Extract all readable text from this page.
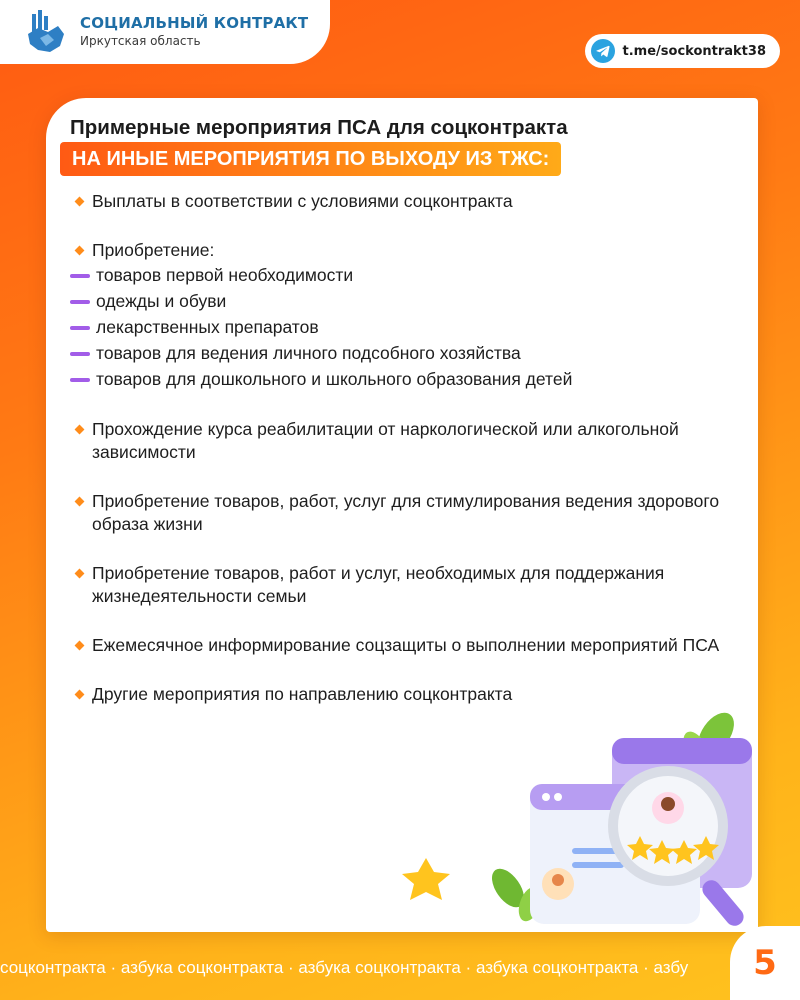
СОЦИАЛЬНЫЙ КОНТРАКТ
Иркутская область
t.me/sockontrakt38
Примерные мероприятия ПСА для соцконтракта
НА ИНЫЕ МЕРОПРИЯТИЯ ПО ВЫХОДУ ИЗ ТЖС:
Выплаты в соответствии с условиями соцконтракта
Приобретение:
товаров первой необходимости
одежды и обуви
лекарственных препаратов
товаров для ведения личного подсобного хозяйства
товаров для дошкольного и школьного образования детей
Прохождение курса реабилитации от наркологической или алкогольной зависимости
Приобретение товаров, работ, услуг для стимулирования ведения здорового образа жизни
Приобретение товаров, работ и услуг, необходимых для поддержания жизнедеятельности семьи
Ежемесячное информирование соцзащиты о выполнении мероприятий ПСА
Другие мероприятия по направлению соцконтракта
соцконтракта · азбука соцконтракта · азбука соцконтракта · азбука соцконтракта · азбу	5
